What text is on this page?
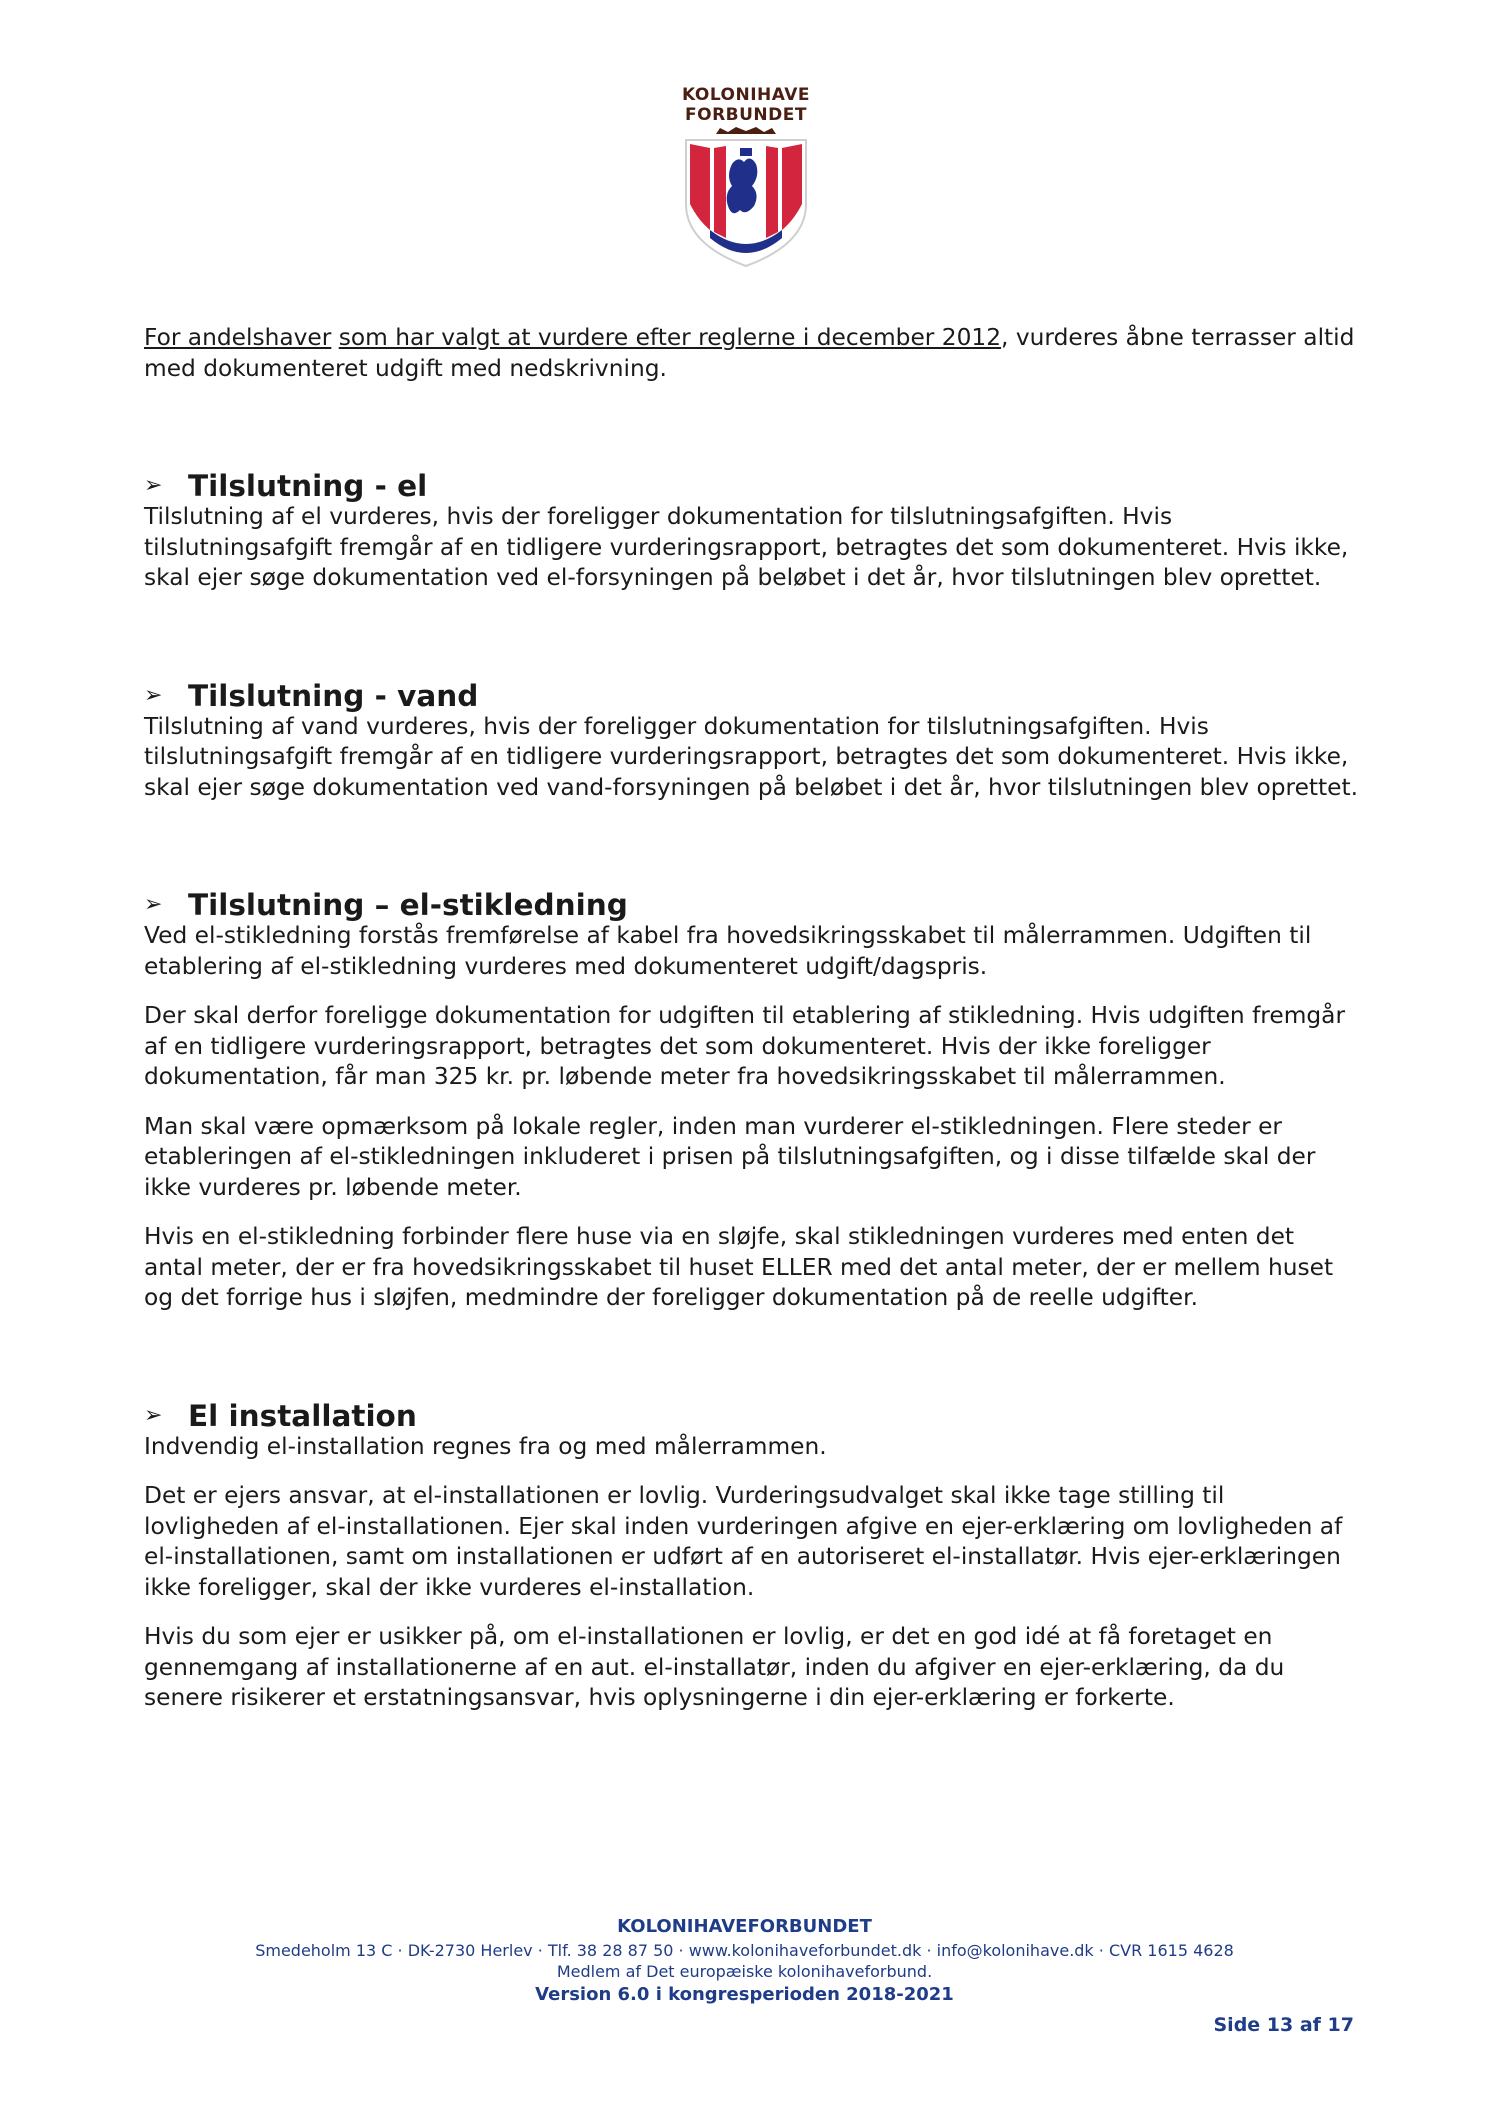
KOLONIHAVE
FORBUNDET

For andelshaver som har valgt at vurdere efter reglerne i december 2012, vurderes åbne terrasser altid med dokumenteret udgift med nedskrivning.

➢ Tilslutning - el

Tilslutning af el vurderes, hvis der foreligger dokumentation for tilslutningsafgiften. Hvis tilslutningsafgift fremgår af en tidligere vurderingsrapport, betragtes det som dokumenteret. Hvis ikke, skal ejer søge dokumentation ved el-forsyningen på beløbet i det år, hvor tilslutningen blev oprettet.

➢ Tilslutning - vand

Tilslutning af vand vurderes, hvis der foreligger dokumentation for tilslutningsafgiften. Hvis tilslutningsafgift fremgår af en tidligere vurderingsrapport, betragtes det som dokumenteret. Hvis ikke, skal ejer søge dokumentation ved vand-forsyningen på beløbet i det år, hvor tilslutningen blev oprettet.

➢ Tilslutning – el-stikledning

Ved el-stikledning forstås fremførelse af kabel fra hovedsikringsskabet til målerrammen. Udgiften til etablering af el-stikledning vurderes med dokumenteret udgift/dagspris.

Der skal derfor foreligge dokumentation for udgiften til etablering af stikledning. Hvis udgiften fremgår af en tidligere vurderingsrapport, betragtes det som dokumenteret. Hvis der ikke foreligger dokumentation, får man 325 kr. pr. løbende meter fra hovedsikringsskabet til målerrammen.

Man skal være opmærksom på lokale regler, inden man vurderer el-stikledningen. Flere steder er etableringen af el-stikledningen inkluderet i prisen på tilslutningsafgiften, og i disse tilfælde skal der ikke vurderes pr. løbende meter.

Hvis en el-stikledning forbinder flere huse via en sløjfe, skal stikledningen vurderes med enten det antal meter, der er fra hovedsikringsskabet til huset ELLER med det antal meter, der er mellem huset og det forrige hus i sløjfen, medmindre der foreligger dokumentation på de reelle udgifter.

➢ El installation

Indvendig el-installation regnes fra og med målerrammen.

Det er ejers ansvar, at el-installationen er lovlig. Vurderingsudvalget skal ikke tage stilling til lovligheden af el-installationen. Ejer skal inden vurderingen afgive en ejer-erklæring om lovligheden af el-installationen, samt om installationen er udført af en autoriseret el-installatør. Hvis ejer-erklæringen ikke foreligger, skal der ikke vurderes el-installation.

Hvis du som ejer er usikker på, om el-installationen er lovlig, er det en god idé at få foretaget en gennemgang af installationerne af en aut. el-installatør, inden du afgiver en ejer-erklæring, da du senere risikerer et erstatningsansvar, hvis oplysningerne i din ejer-erklæring er forkerte.

KOLONIHAVEFORBUNDET
Smedeholm 13 C · DK-2730 Herlev · Tlf. 38 28 87 50 · www.kolonihaveforbundet.dk · info@kolonihave.dk · CVR 1615 4628
Medlem af Det europæiske kolonihaveforbund.
Version 6.0 i kongresperioden 2018-2021
Side 13 af 17
